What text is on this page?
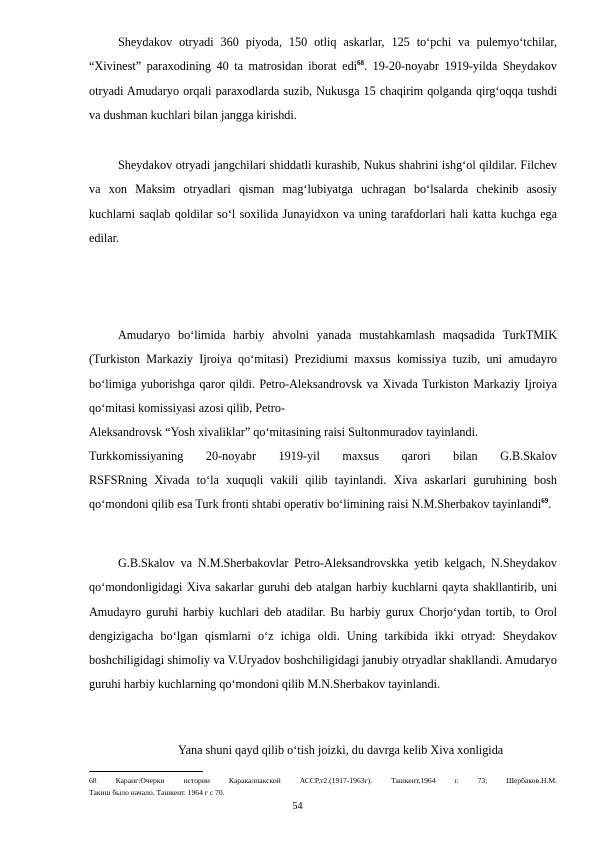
Sheydakov otryadi 360 piyoda, 150 otliq askarlar, 125 to‘pchi va pulemyo‘tchilar, “Xivinest” paraxodining 40 ta matrosidan iborat edi$^{68}$. 19-20-noyabr 1919-yilda Sheydakov otryadi Amudaryo orqali paraxodlarda suzib, Nukusga 15 chaqirim qolganda qirg‘oqqa tushdi va dushman kuchlari bilan jangga kirishdi.

Sheydakov otryadi jangchilari shiddatli kurashib, Nukus shahrini ishg‘ol qildilar. Filchev va xon Maksim otryadlari qisman mag‘lubiyatga uchragan bo‘lsalarda chekinib asosiy kuchlarni saqlab qoldilar so‘l soxilida Junayidxon va uning tarafdorlari hali katta kuchga ega edilar.

Amudaryo bo‘limida harbiy ahvolni yanada mustahkamlash maqsadida TurkTMIK (Turkiston Markaziy Ijroiya qo‘mitasi) Prezidiumi maxsus komissiya tuzib, uni amudayro bo‘limiga yuborishga qaror qildi. Petro-Aleksandrovsk va Xivada Turkiston Markaziy Ijroiya qo‘mitasi komissiyasi azosi qilib, Petro-

Aleksandrovsk “Yosh xivaliklar” qo‘mitasining raisi Sultonmuradov tayinlandi.

Turkkomissiyaning 20-noyabr 1919-yil maxsus qarori bilan G.B.Skalov

RSFSRning Xivada to‘la xuquqli vakili qilib tayinlandi. Xiva askarlari guruhining bosh qo‘mondoni qilib esa Turk fronti shtabi operativ bo‘limining raisi N.M.Sherbakov tayinlandi$^{69}$.

G.B.Skalov va N.M.Sherbakovlar Petro-Aleksandrovskka yetib kelgach, N.Sheydakov qo‘mondonligidagi Xiva sakarlar guruhi deb atalgan harbiy kuchlarni qayta shakllantirib, uni Amudayro guruhi harbiy kuchlari deb atadilar. Bu harbiy gurux Chorjo‘ydan tortib, to Orol dengizigacha bo‘lgan qismlarni o‘z ichiga oldi. Uning tarkibida ikki otryad: Sheydakov boshchiligidagi shimoliy va V.Uryadov boshchiligidagi janubiy otryadlar shakllandi. Amudaryo guruhi harbiy kuchlarning qo‘mondoni qilib M.N.Sherbakov tayinlandi.

Yana shuni qayd qilib o‘tish joizki, du davrga kelib Xiva xonligida

68 Каранг:Очерки истории Каракалпакской АССР,т2.(1917-1963г). Ташкент,1964 г. 73; Шербаков.Н.М.
Такиш было начало. Ташкент. 1964 г с 70.

54
